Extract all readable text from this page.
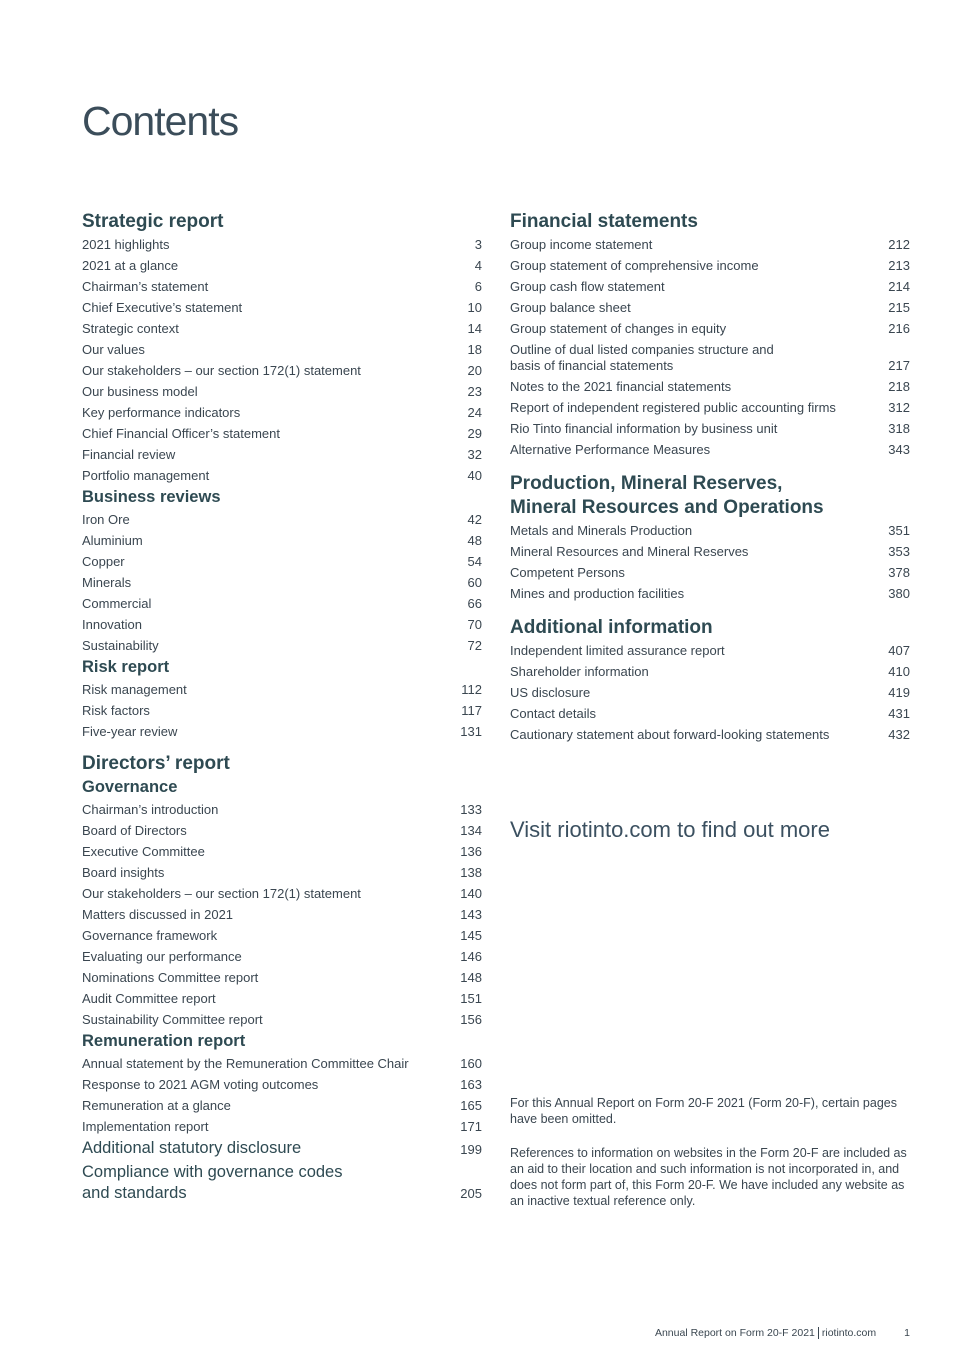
Contents
Strategic report
2021 highlights	3
2021 at a glance	4
Chairman’s statement	6
Chief Executive’s statement	10
Strategic context	14
Our values	18
Our stakeholders – our section 172(1) statement	20
Our business model	23
Key performance indicators	24
Chief Financial Officer’s statement	29
Financial review	32
Portfolio management	40
Business reviews
Iron Ore	42
Aluminium	48
Copper	54
Minerals	60
Commercial	66
Innovation	70
Sustainability	72
Risk report
Risk management	112
Risk factors	117
Five-year review	131
Directors’ report
Governance
Chairman’s introduction	133
Board of Directors	134
Executive Committee	136
Board insights	138
Our stakeholders – our section 172(1) statement	140
Matters discussed in 2021	143
Governance framework	145
Evaluating our performance	146
Nominations Committee report	148
Audit Committee report	151
Sustainability Committee report	156
Remuneration report
Annual statement by the Remuneration Committee Chair	160
Response to 2021 AGM voting outcomes	163
Remuneration at a glance	165
Implementation report	171
Additional statutory disclosure	199
Compliance with governance codes
and standards	205
Financial statements
Group income statement	212
Group statement of comprehensive income	213
Group cash flow statement	214
Group balance sheet	215
Group statement of changes in equity	216
Outline of dual listed companies structure and
basis of financial statements	217
Notes to the 2021 financial statements	218
Report of independent registered public accounting firms	312
Rio Tinto financial information by business unit	318
Alternative Performance Measures	343
Production, Mineral Reserves,
Mineral Resources and Operations
Metals and Minerals Production	351
Mineral Resources and Mineral Reserves	353
Competent Persons	378
Mines and production facilities	380
Additional information
Independent limited assurance report	407
Shareholder information	410
US disclosure	419
Contact details	431
Cautionary statement about forward-looking statements	432
Visit riotinto.com to find out more

For this Annual Report on Form 20-F 2021 (Form 20-F), certain pages have been omitted.

References to information on websites in the Form 20-F are included as an aid to their location and such information is not incorporated in, and does not form part of, this Form 20-F. We have included any website as an inactive textual reference only.

Annual Report on Form 20-F 2021 riotinto.com	1
